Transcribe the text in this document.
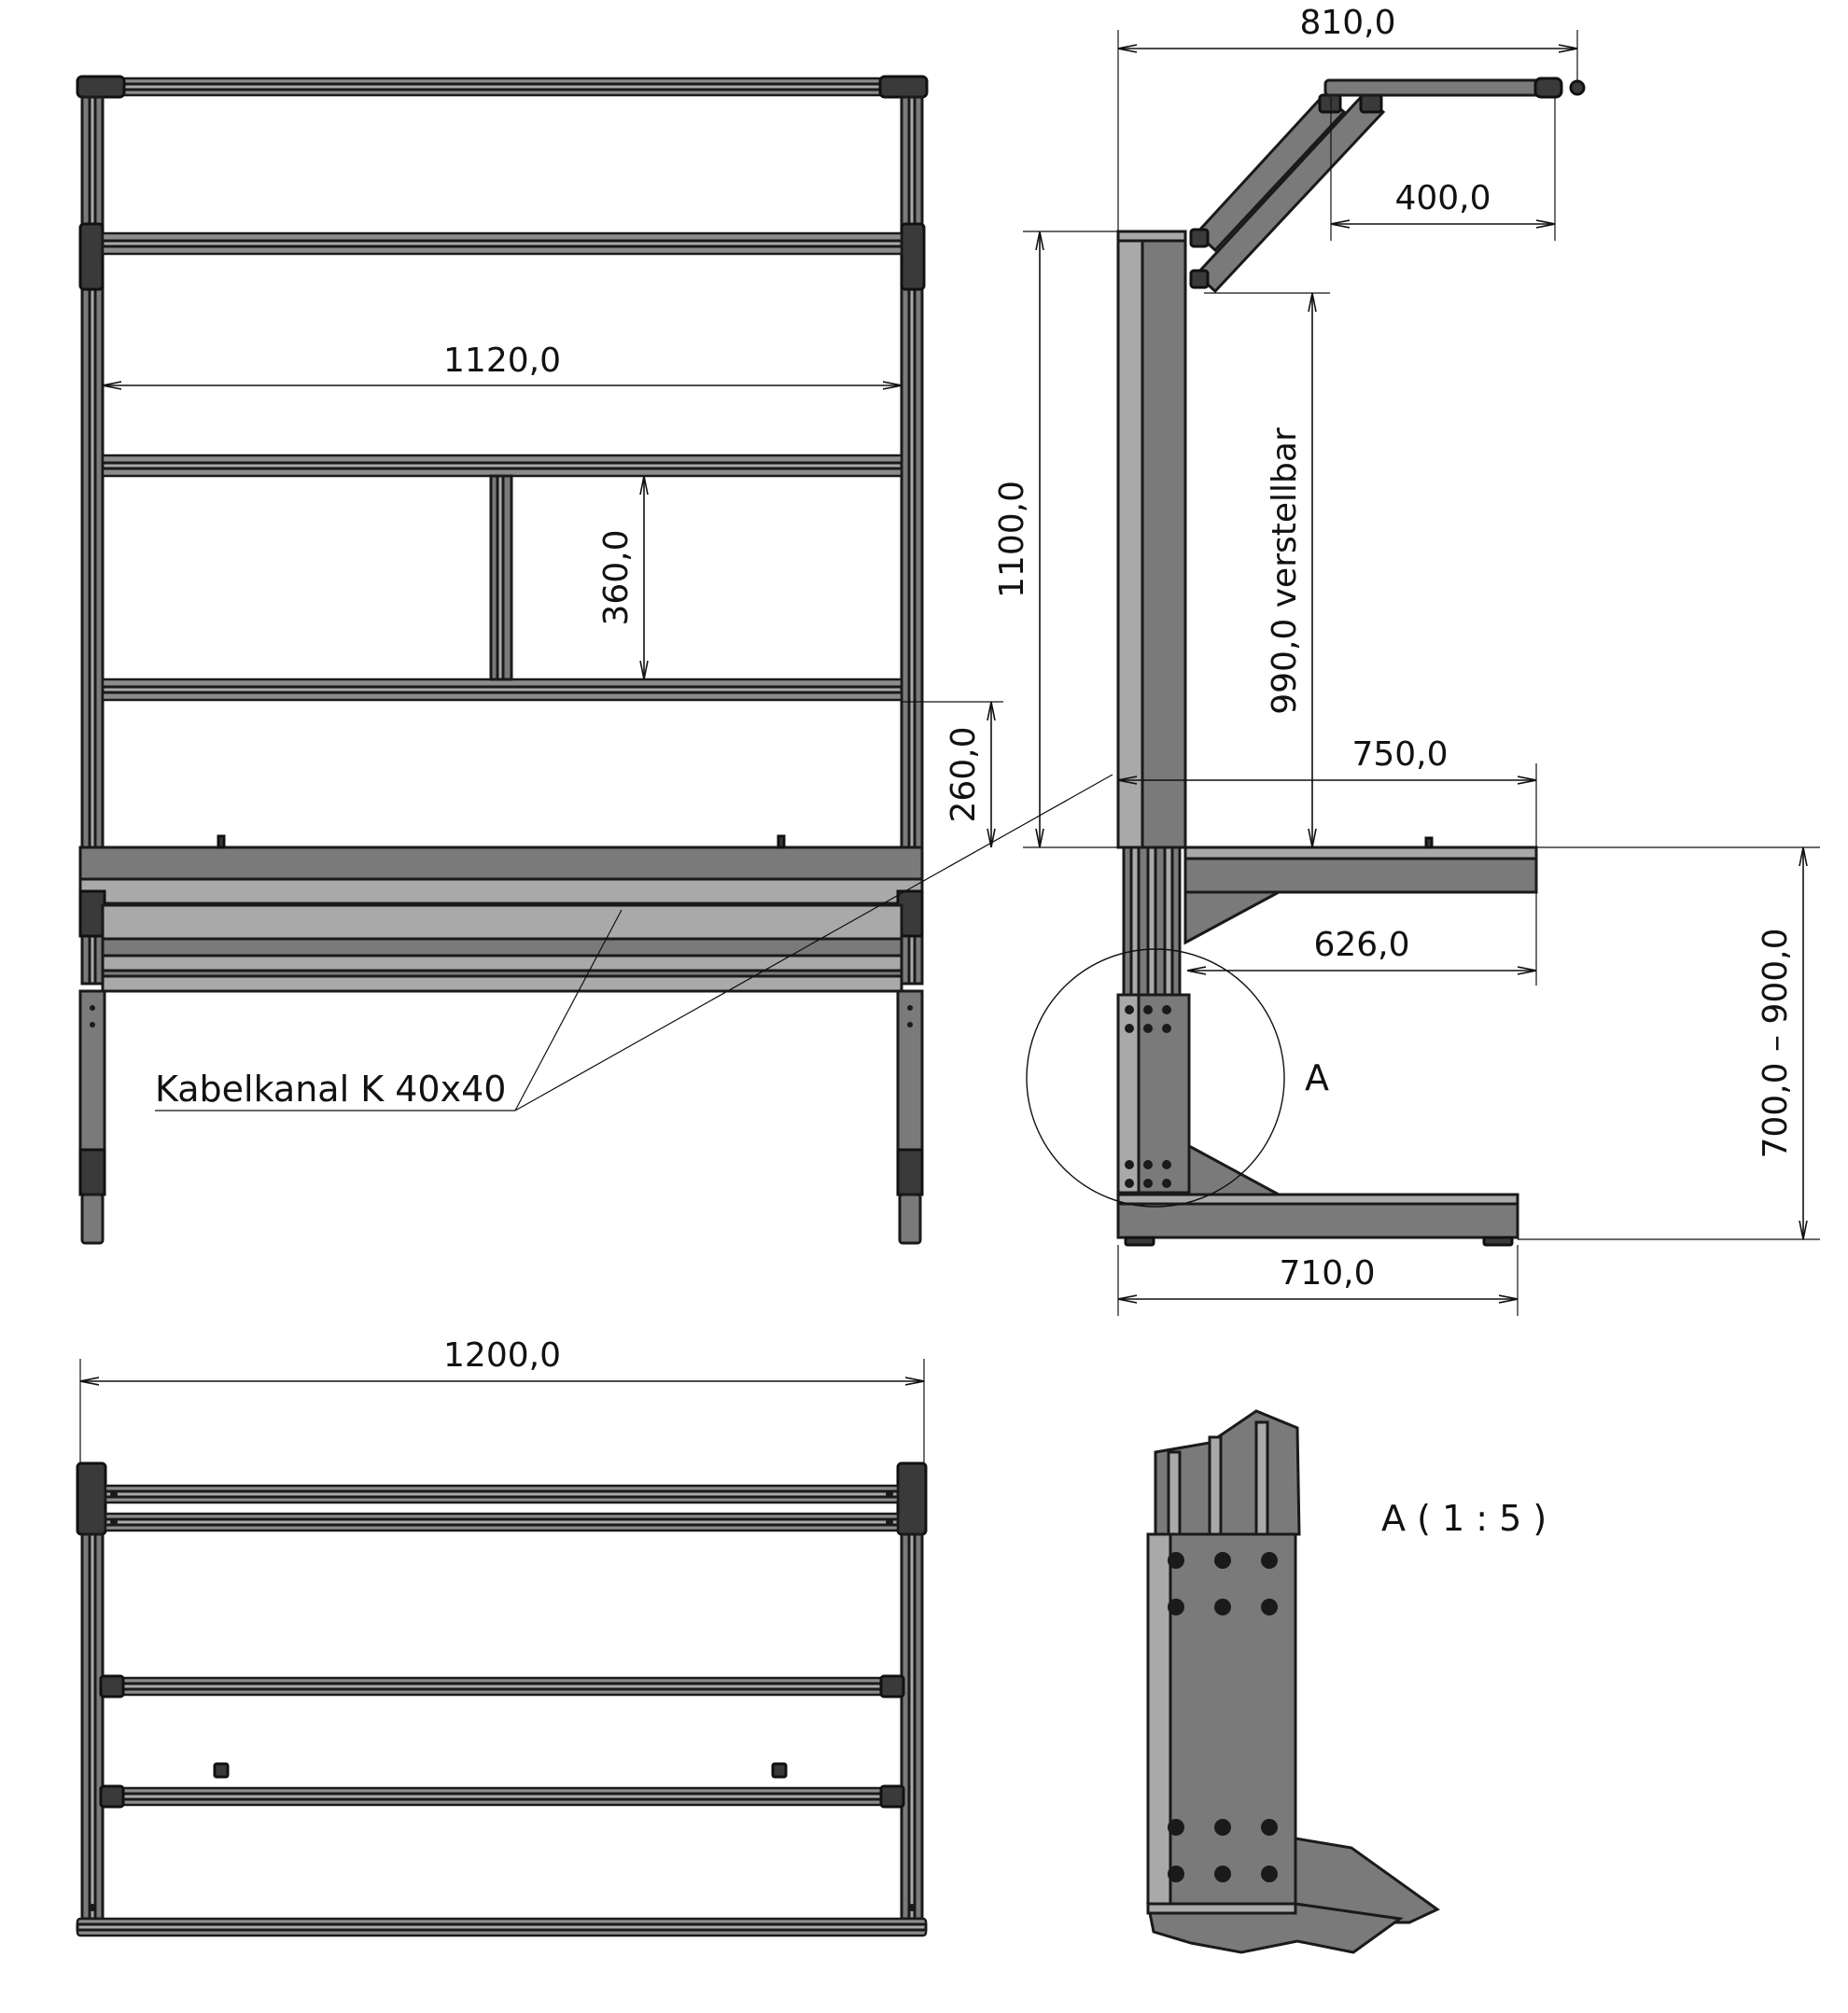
1120,0
360,0
260,0
Kabelkanal K 40x40	A
810,0
400,0
1100,0	990,0 verstellbar
750,0
626,0	700,0 – 900,0
710,0
1200,0
A ( 1 : 5 )
